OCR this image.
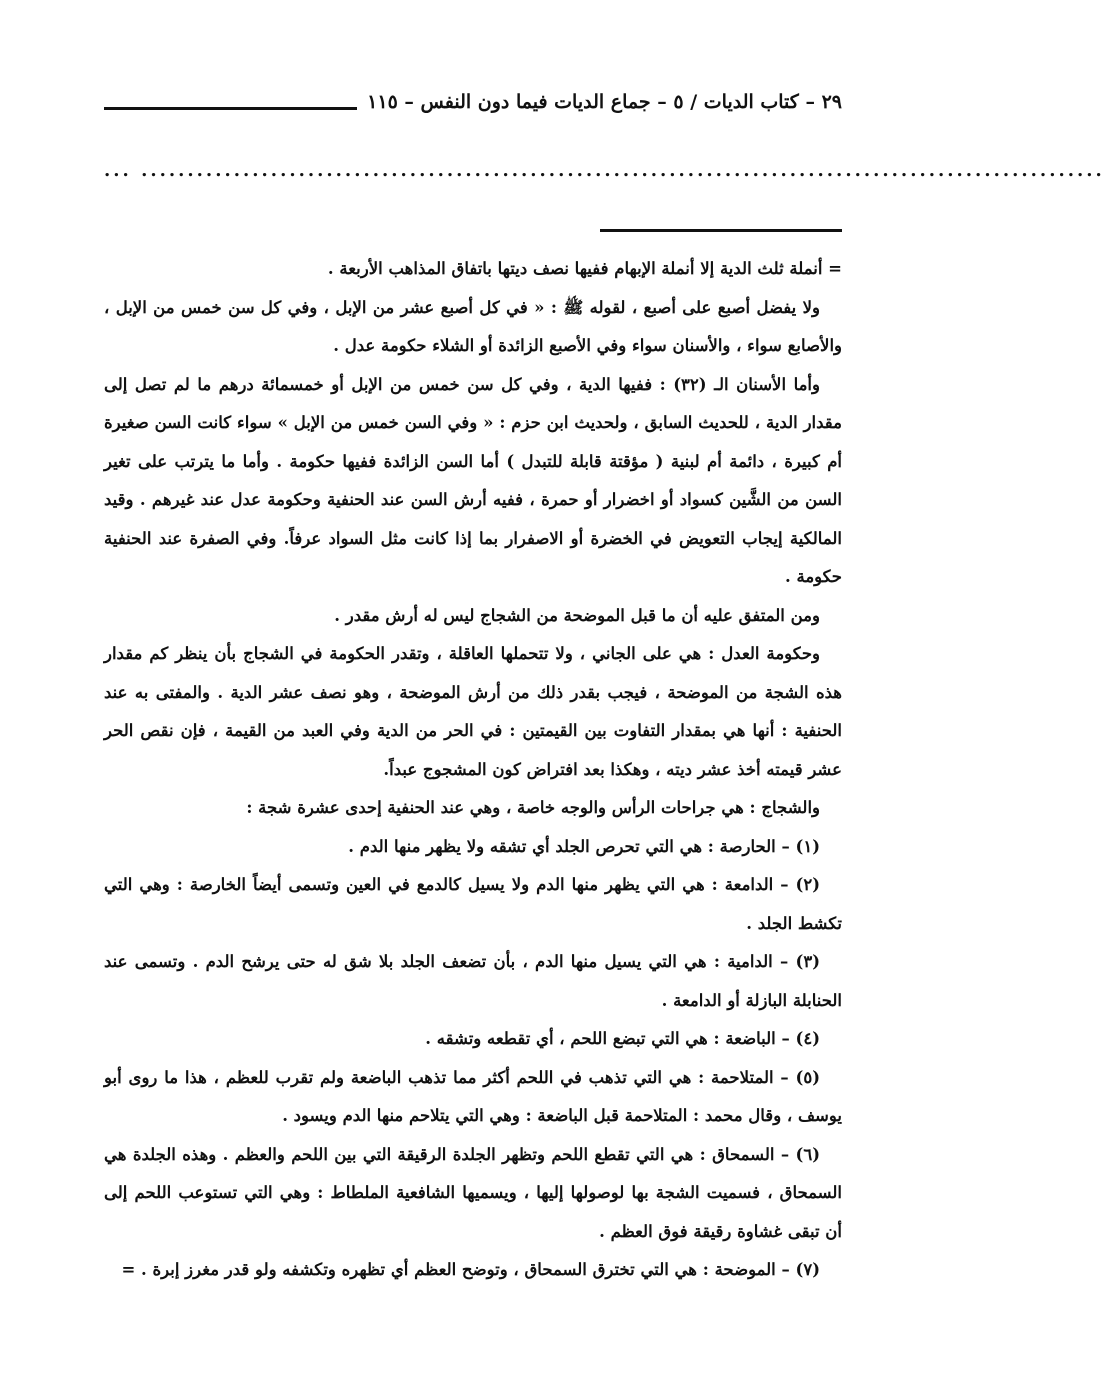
٢٩ – كتاب الديات / ٥ – جماع الديات فيما دون النفس – ١١٥
... ........................................................................................................

= أنملة ثلث الدية إلا أنملة الإبهام ففيها نصف ديتها باتفاق المذاهب الأربعة .

ولا يفضل أصبع على أصبع ، لقوله ﷺ : « في كل أصبع عشر من الإبل ، وفي كل سن خمس من الإبل ، والأصابع سواء ، والأسنان سواء وفي الأصبع الزائدة أو الشلاء حكومة عدل .

وأما الأسنان الـ (٣٢) : ففيها الدية ، وفي كل سن خمس من الإبل أو خمسمائة درهم ما لم تصل إلى مقدار الدية ، للحديث السابق ، ولحديث ابن حزم : « وفي السن خمس من الإبل » سواء كانت السن صغيرة أم كبيرة ، دائمة أم لبنية ( مؤقتة قابلة للتبدل ) أما السن الزائدة ففيها حكومة . وأما ما يترتب على تغير السن من الشَّين كسواد أو اخضرار أو حمرة ، ففيه أرش السن عند الحنفية وحكومة عدل عند غيرهم . وقيد المالكية إيجاب التعويض في الخضرة أو الاصفرار بما إذا كانت مثل السواد عرفاً. وفي الصفرة عند الحنفية حكومة .

ومن المتفق عليه أن ما قبل الموضحة من الشجاج ليس له أرش مقدر .

وحكومة العدل : هي على الجاني ، ولا تتحملها العاقلة ، وتقدر الحكومة في الشجاج بأن ينظر كم مقدار هذه الشجة من الموضحة ، فيجب بقدر ذلك من أرش الموضحة ، وهو نصف عشر الدية . والمفتى به عند الحنفية : أنها هي بمقدار التفاوت بين القيمتين : في الحر من الدية وفي العبد من القيمة ، فإن نقص الحر عشر قيمته أخذ عشر ديته ، وهكذا بعد افتراض كون المشجوج عبداً.

والشجاج : هي جراحات الرأس والوجه خاصة ، وهي عند الحنفية إحدى عشرة شجة :

(١) – الحارصة : هي التي تحرص الجلد أي تشقه ولا يظهر منها الدم .

(٢) – الدامعة : هي التي يظهر منها الدم ولا يسيل كالدمع في العين وتسمى أيضاً الخارصة : وهي التي تكشط الجلد .

(٣) – الدامية : هي التي يسيل منها الدم ، بأن تضعف الجلد بلا شق له حتى يرشح الدم . وتسمى عند الحنابلة البازلة أو الدامعة .

(٤) – الباضعة : هي التي تبضع اللحم ، أي تقطعه وتشقه .

(٥) – المتلاحمة : هي التي تذهب في اللحم أكثر مما تذهب الباضعة ولم تقرب للعظم ، هذا ما روى أبو يوسف ، وقال محمد : المتلاحمة قبل الباضعة : وهي التي يتلاحم منها الدم ويسود .

(٦) – السمحاق : هي التي تقطع اللحم وتظهر الجلدة الرقيقة التي بين اللحم والعظم . وهذه الجلدة هي السمحاق ، فسميت الشجة بها لوصولها إليها ، ويسميها الشافعية الملطاط : وهي التي تستوعب اللحم إلى أن تبقى غشاوة رقيقة فوق العظم .

(٧) – الموضحة : هي التي تخترق السمحاق ، وتوضح العظم أي تظهره وتكشفه ولو قدر مغرز إبرة . =
